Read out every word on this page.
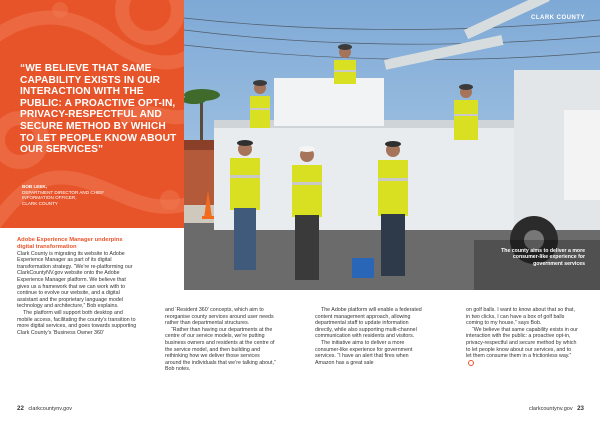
“WE BELIEVE THAT SAME CAPABILITY EXISTS IN OUR INTERACTION WITH THE PUBLIC: A PROACTIVE OPT-IN, PRIVACY-RESPECTFUL AND SECURE METHOD BY WHICH TO LET PEOPLE KNOW ABOUT OUR SERVICES”
BOB LEEK,
DEPARTMENT DIRECTOR AND CHIEF
INFORMATION OFFICER,
CLARK COUNTY
CLARK COUNTY
The county aims to deliver a more consumer-like experience for government services

Adobe Experience Manager underpins digital transformation

Clark County is migrating its website to Adobe Experience Manager as part of its digital transformation strategy. “We’re re-platforming our ClarkCountyNV.gov website onto the Adobe Experience Manager platform. We believe that gives us a framework that we can work with to continue to evolve our website, and a digital assistant and the proprietary language model technology and architecture,” Bob explains.

The platform will support both desktop and mobile access, facilitating the county’s transition to more digital services, and goes towards supporting Clark County’s ‘Business Owner 360’

and ‘Resident 360’ concepts, which aim to reorganise county services around user needs rather than departmental structures.

“Rather than having our departments at the centre of our service models, we’re putting business owners and residents at the centre of the service model, and then building and rethinking how we deliver those services around the individuals that we’re talking about,” Bob notes.

The Adobe platform will enable a federated content management approach, allowing departmental staff to update information directly, while also supporting multi-channel communication with residents and visitors.

The initiative aims to deliver a more consumer-like experience for government services. “I have an alert that fires when Amazon has a great sale

on golf balls. I want to know about that so that, in two clicks, I can have a box of golf balls coming to my house,” says Bob.

“We believe that same capability exists in our interaction with the public: a proactive opt-in, privacy-respectful and secure method by which to let people know about our services, and to let them consume them in a frictionless way.”

22 clarkcountynv.gov	clarkcountynv.gov 23
